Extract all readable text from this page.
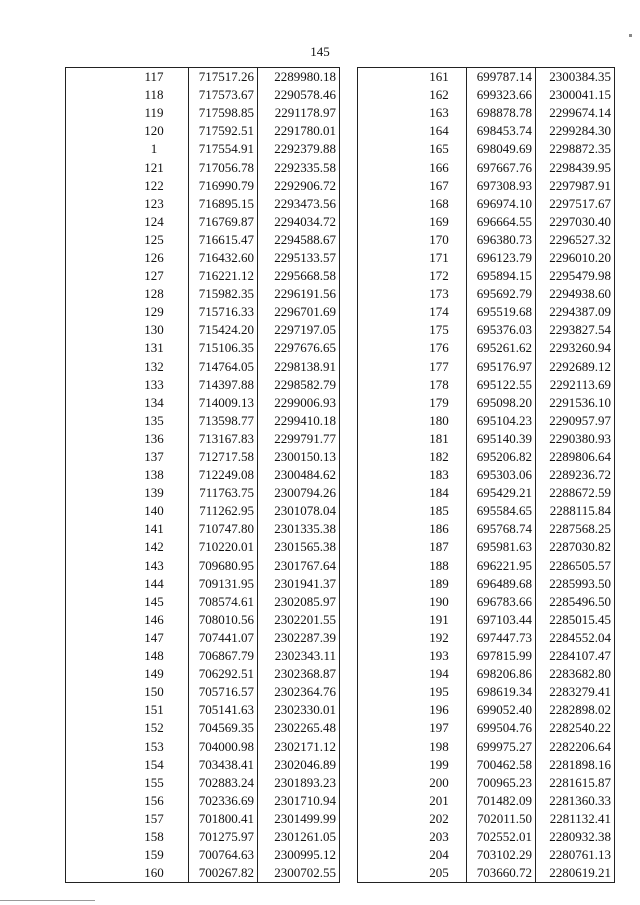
145
	117	717517.26	2289980.18
	118	717573.67	2290578.46
	119	717598.85	2291178.97
	120	717592.51	2291780.01
	1	717554.91	2292379.88
	121	717056.78	2292335.58
	122	716990.79	2292906.72
	123	716895.15	2293473.56
	124	716769.87	2294034.72
	125	716615.47	2294588.67
	126	716432.60	2295133.57
	127	716221.12	2295668.58
	128	715982.35	2296191.56
	129	715716.33	2296701.69
	130	715424.20	2297197.05
	131	715106.35	2297676.65
	132	714764.05	2298138.91
	133	714397.88	2298582.79
	134	714009.13	2299006.93
	135	713598.77	2299410.18
	136	713167.83	2299791.77
	137	712717.58	2300150.13
	138	712249.08	2300484.62
	139	711763.75	2300794.26
	140	711262.95	2301078.04
	141	710747.80	2301335.38
	142	710220.01	2301565.38
	143	709680.95	2301767.64
	144	709131.95	2301941.37
	145	708574.61	2302085.97
	146	708010.56	2302201.55
	147	707441.07	2302287.39
	148	706867.79	2302343.11
	149	706292.51	2302368.87
	150	705716.57	2302364.76
	151	705141.63	2302330.01
	152	704569.35	2302265.48
	153	704000.98	2302171.12
	154	703438.41	2302046.89
	155	702883.24	2301893.23
	156	702336.69	2301710.94
	157	701800.41	2301499.99
	158	701275.97	2301261.05
	159	700764.63	2300995.12
	160	700267.82	2300702.55
	161	699787.14	2300384.35
	162	699323.66	2300041.15
	163	698878.78	2299674.14
	164	698453.74	2299284.30
	165	698049.69	2298872.35
	166	697667.76	2298439.95
	167	697308.93	2297987.91
	168	696974.10	2297517.67
	169	696664.55	2297030.40
	170	696380.73	2296527.32
	171	696123.79	2296010.20
	172	695894.15	2295479.98
	173	695692.79	2294938.60
	174	695519.68	2294387.09
	175	695376.03	2293827.54
	176	695261.62	2293260.94
	177	695176.97	2292689.12
	178	695122.55	2292113.69
	179	695098.20	2291536.10
	180	695104.23	2290957.97
	181	695140.39	2290380.93
	182	695206.82	2289806.64
	183	695303.06	2289236.72
	184	695429.21	2288672.59
	185	695584.65	2288115.84
	186	695768.74	2287568.25
	187	695981.63	2287030.82
	188	696221.95	2286505.57
	189	696489.68	2285993.50
	190	696783.66	2285496.50
	191	697103.44	2285015.45
	192	697447.73	2284552.04
	193	697815.99	2284107.47
	194	698206.86	2283682.80
	195	698619.34	2283279.41
	196	699052.40	2282898.02
	197	699504.76	2282540.22
	198	699975.27	2282206.64
	199	700462.58	2281898.16
	200	700965.23	2281615.87
	201	701482.09	2281360.33
	202	702011.50	2281132.41
	203	702552.01	2280932.38
	204	703102.29	2280761.13
	205	703660.72	2280619.21
